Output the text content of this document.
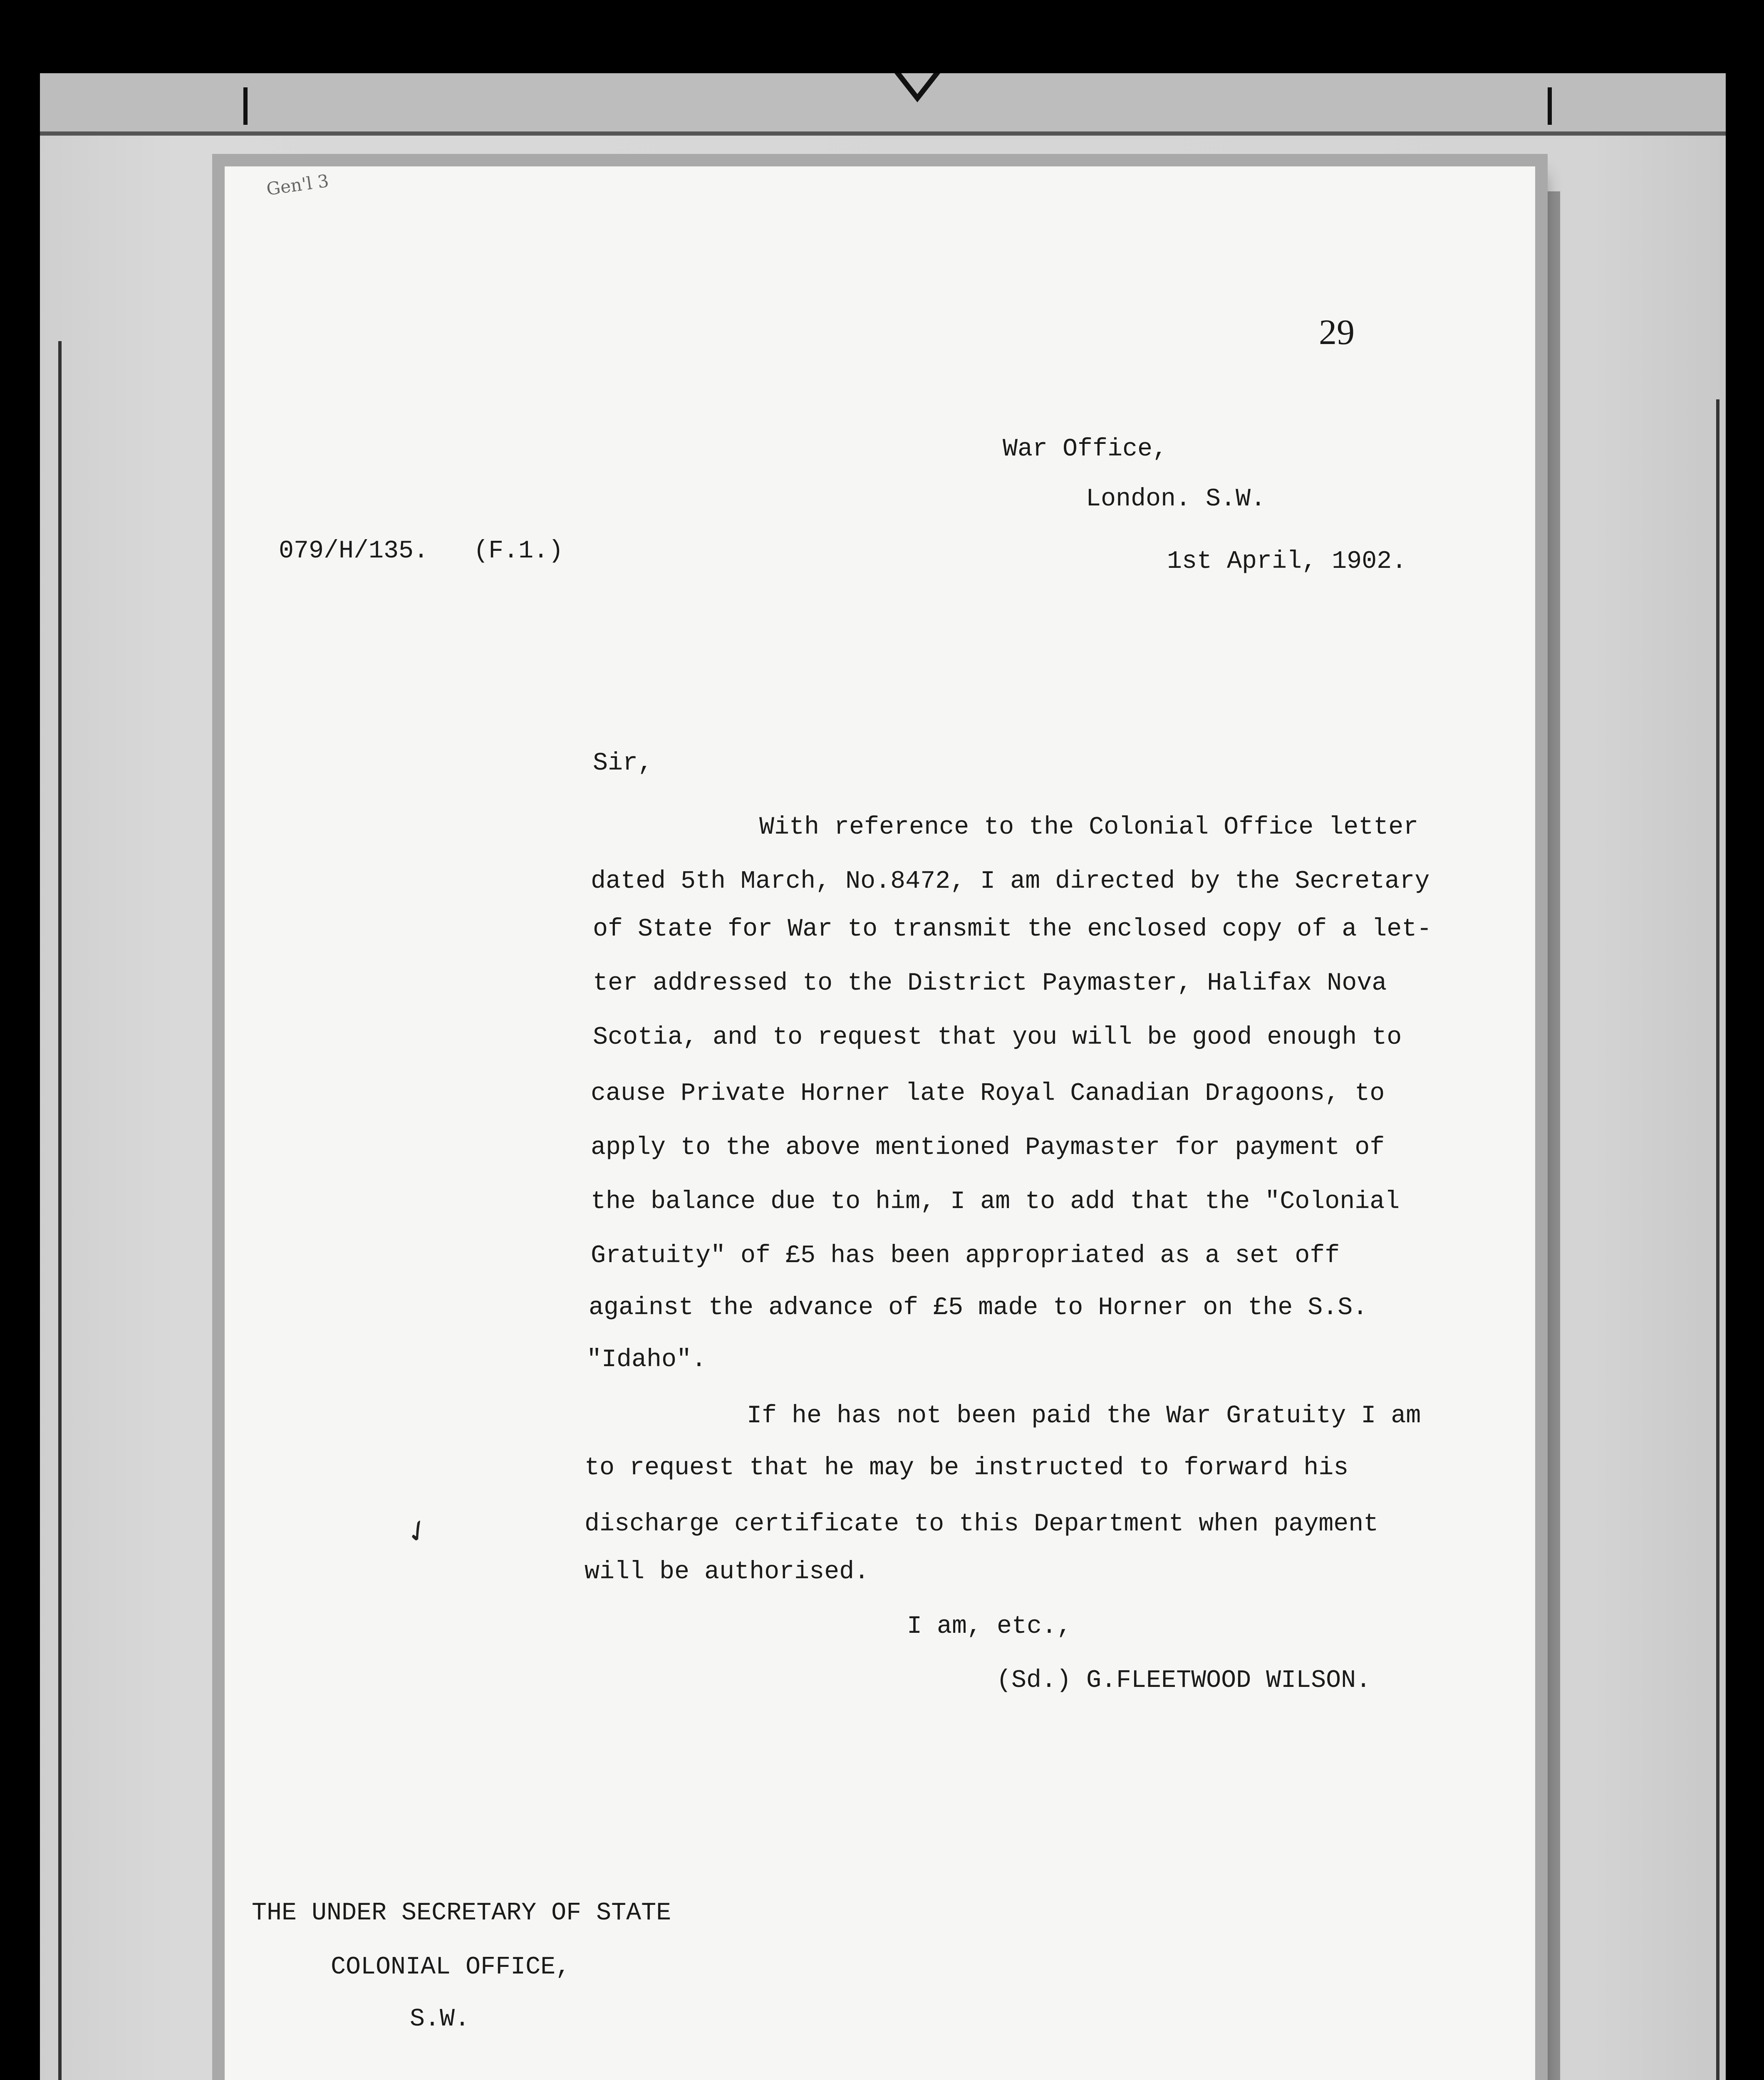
Gen'l 3
29
War Office,
London. S.W.
079/H/135.   (F.1.)	1st April, 1902.
Sir,
With reference to the Colonial Office letter
dated 5th March, No.8472, I am directed by the Secretary
of State for War to transmit the enclosed copy of a let-
ter addressed to the District Paymaster, Halifax Nova
Scotia, and to request that you will be good enough to
cause Private Horner late Royal Canadian Dragoons, to
apply to the above mentioned Paymaster for payment of
the balance due to him, I am to add that the "Colonial
Gratuity" of £5 has been appropriated as a set off
against the advance of £5 made to Horner on the S.S.
"Idaho".
If he has not been paid the War Gratuity I am
to request that he may be instructed to forward his
discharge certificate to this Department when payment
will be authorised.
✓
I am, etc.,
(Sd.) G.FLEETWOOD WILSON.
THE UNDER SECRETARY OF STATE
COLONIAL OFFICE,
S.W.
